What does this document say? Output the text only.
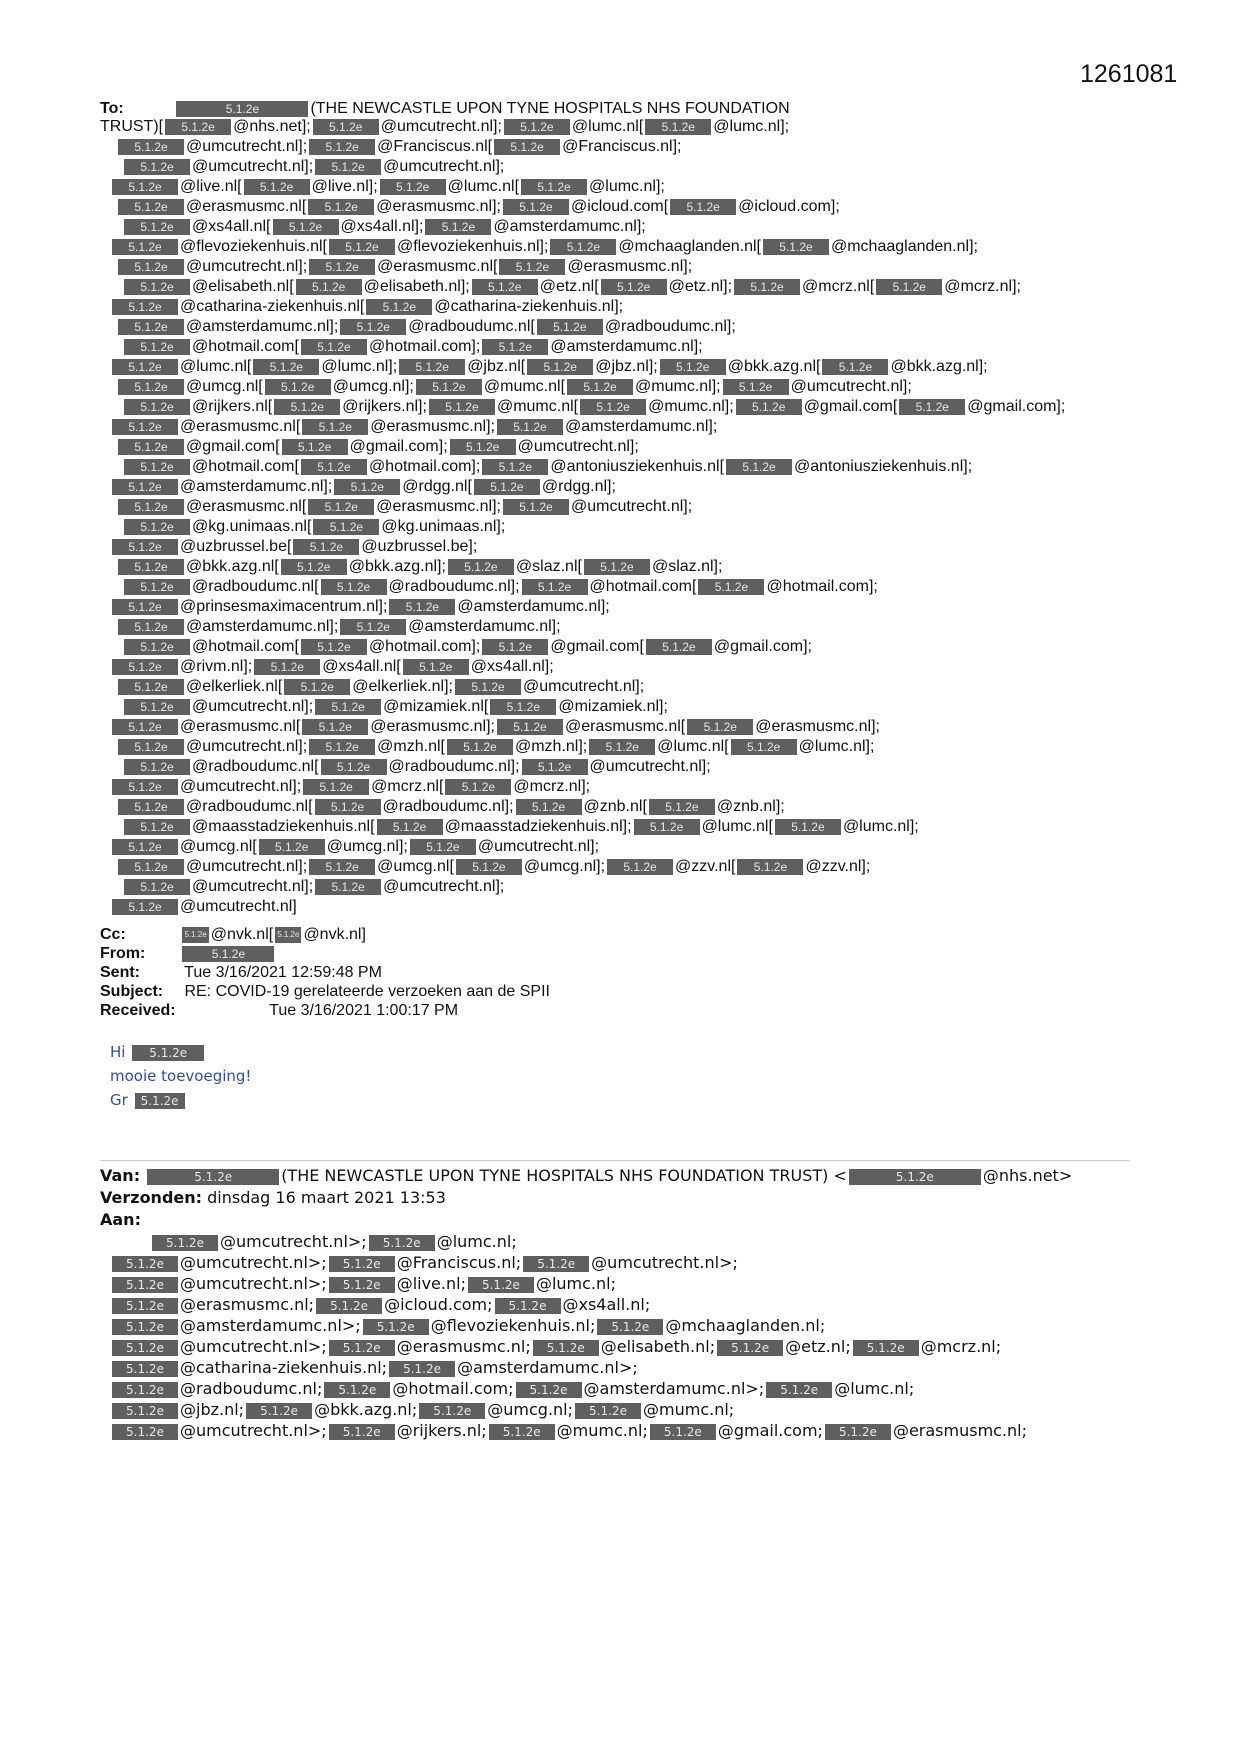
1261081
To:	5.1.2e	(THE NEWCASTLE UPON TYNE HOSPITALS NHS FOUNDATION
TRUST)[ 5.1.2e @nhs.net]; 5.1.2e @umcutrecht.nl]; 5.1.2e @lumc.nl[ 5.1.2e @lumc.nl];
5.1.2e @umcutrecht.nl]; 5.1.2e @Franciscus.nl[ 5.1.2e @Franciscus.nl];
5.1.2e @umcutrecht.nl]; 5.1.2e @umcutrecht.nl];
5.1.2e @live.nl[ 5.1.2e @live.nl]; 5.1.2e @lumc.nl[ 5.1.2e @lumc.nl];
5.1.2e @erasmusmc.nl[ 5.1.2e @erasmusmc.nl]; 5.1.2e @icloud.com[ 5.1.2e @icloud.com];
5.1.2e @xs4all.nl[ 5.1.2e @xs4all.nl]; 5.1.2e @amsterdamumc.nl];
5.1.2e @flevoziekenhuis.nl[ 5.1.2e @flevoziekenhuis.nl]; 5.1.2e @mchaaglanden.nl[ 5.1.2e @mchaaglanden.nl];
5.1.2e @umcutrecht.nl]; 5.1.2e @erasmusmc.nl[ 5.1.2e @erasmusmc.nl];
5.1.2e @elisabeth.nl[ 5.1.2e @elisabeth.nl]; 5.1.2e @etz.nl[ 5.1.2e @etz.nl]; 5.1.2e @mcrz.nl[ 5.1.2e @mcrz.nl];
5.1.2e @catharina-ziekenhuis.nl[ 5.1.2e @catharina-ziekenhuis.nl];
5.1.2e @amsterdamumc.nl]; 5.1.2e @radboudumc.nl[ 5.1.2e @radboudumc.nl];
5.1.2e @hotmail.com[ 5.1.2e @hotmail.com]; 5.1.2e @amsterdamumc.nl];
5.1.2e @lumc.nl[ 5.1.2e @lumc.nl]; 5.1.2e @jbz.nl[ 5.1.2e @jbz.nl]; 5.1.2e @bkk.azg.nl[ 5.1.2e @bkk.azg.nl];
5.1.2e @umcg.nl[ 5.1.2e @umcg.nl]; 5.1.2e @mumc.nl[ 5.1.2e @mumc.nl]; 5.1.2e @umcutrecht.nl];
5.1.2e @rijkers.nl[ 5.1.2e @rijkers.nl]; 5.1.2e @mumc.nl[ 5.1.2e @mumc.nl]; 5.1.2e @gmail.com[ 5.1.2e @gmail.com];
5.1.2e @erasmusmc.nl[ 5.1.2e @erasmusmc.nl]; 5.1.2e @amsterdamumc.nl];
5.1.2e @gmail.com[ 5.1.2e @gmail.com]; 5.1.2e @umcutrecht.nl];
5.1.2e @hotmail.com[ 5.1.2e @hotmail.com]; 5.1.2e @antoniusziekenhuis.nl[ 5.1.2e @antoniusziekenhuis.nl];
5.1.2e @amsterdamumc.nl]; 5.1.2e @rdgg.nl[ 5.1.2e @rdgg.nl];
5.1.2e @erasmusmc.nl[ 5.1.2e @erasmusmc.nl]; 5.1.2e @umcutrecht.nl];
5.1.2e @kg.unimaas.nl[ 5.1.2e @kg.unimaas.nl];
5.1.2e @uzbrussel.be[ 5.1.2e @uzbrussel.be];
5.1.2e @bkk.azg.nl[ 5.1.2e @bkk.azg.nl]; 5.1.2e @slaz.nl[ 5.1.2e @slaz.nl];
5.1.2e @radboudumc.nl[ 5.1.2e @radboudumc.nl]; 5.1.2e @hotmail.com[ 5.1.2e @hotmail.com];
5.1.2e @prinsesmaximacentrum.nl]; 5.1.2e @amsterdamumc.nl];
5.1.2e @amsterdamumc.nl]; 5.1.2e @amsterdamumc.nl];
5.1.2e @hotmail.com[ 5.1.2e @hotmail.com]; 5.1.2e @gmail.com[ 5.1.2e @gmail.com];
5.1.2e @rivm.nl]; 5.1.2e @xs4all.nl[ 5.1.2e @xs4all.nl];
5.1.2e @elkerliek.nl[ 5.1.2e @elkerliek.nl]; 5.1.2e @umcutrecht.nl];
5.1.2e @umcutrecht.nl]; 5.1.2e @mizamiek.nl[ 5.1.2e @mizamiek.nl];
5.1.2e @erasmusmc.nl[ 5.1.2e @erasmusmc.nl]; 5.1.2e @erasmusmc.nl[ 5.1.2e @erasmusmc.nl];
5.1.2e @umcutrecht.nl]; 5.1.2e @mzh.nl[ 5.1.2e @mzh.nl]; 5.1.2e @lumc.nl[ 5.1.2e @lumc.nl];
5.1.2e @radboudumc.nl[ 5.1.2e @radboudumc.nl]; 5.1.2e @umcutrecht.nl];
5.1.2e @umcutrecht.nl]; 5.1.2e @mcrz.nl[ 5.1.2e @mcrz.nl];
5.1.2e @radboudumc.nl[ 5.1.2e @radboudumc.nl]; 5.1.2e @znb.nl[ 5.1.2e @znb.nl];
5.1.2e @maasstadziekenhuis.nl[ 5.1.2e @maasstadziekenhuis.nl]; 5.1.2e @lumc.nl[ 5.1.2e @lumc.nl];
5.1.2e @umcg.nl[ 5.1.2e @umcg.nl]; 5.1.2e @umcutrecht.nl];
5.1.2e @umcutrecht.nl]; 5.1.2e @umcg.nl[ 5.1.2e @umcg.nl]; 5.1.2e @zzv.nl[ 5.1.2e @zzv.nl];
5.1.2e @umcutrecht.nl]; 5.1.2e @umcutrecht.nl];
5.1.2e @umcutrecht.nl]
Cc:	5.1.2e @nvk.nl[ 5.1.2e @nvk.nl]
From:	5.1.2e
Sent:	Tue 3/16/2021 12:59:48 PM
Subject: RE: COVID-19 gerelateerde verzoeken aan de SPII
Received:	Tue 3/16/2021 1:00:17 PM
Hi 5.1.2e
mooie toevoeging!
Gr 5.1.2e
Van:	5.1.2e	(THE NEWCASTLE UPON TYNE HOSPITALS NHS FOUNDATION TRUST) <	5.1.2e	@nhs.net>
Verzonden: dinsdag 16 maart 2021 13:53
Aan:
5.1.2e @umcutrecht.nl>; 5.1.2e @lumc.nl;
5.1.2e @umcutrecht.nl>; 5.1.2e @Franciscus.nl; 5.1.2e @umcutrecht.nl>;
5.1.2e @umcutrecht.nl>; 5.1.2e @live.nl; 5.1.2e @lumc.nl;
5.1.2e @erasmusmc.nl; 5.1.2e @icloud.com; 5.1.2e @xs4all.nl;
5.1.2e @amsterdamumc.nl>; 5.1.2e @flevoziekenhuis.nl; 5.1.2e @mchaaglanden.nl;
5.1.2e @umcutrecht.nl>; 5.1.2e @erasmusmc.nl; 5.1.2e @elisabeth.nl; 5.1.2e @etz.nl; 5.1.2e @mcrz.nl;
5.1.2e @catharina-ziekenhuis.nl; 5.1.2e @amsterdamumc.nl>;
5.1.2e @radboudumc.nl; 5.1.2e @hotmail.com; 5.1.2e @amsterdamumc.nl>; 5.1.2e @lumc.nl;
5.1.2e @jbz.nl; 5.1.2e @bkk.azg.nl; 5.1.2e @umcg.nl; 5.1.2e @mumc.nl;
5.1.2e @umcutrecht.nl>; 5.1.2e @rijkers.nl; 5.1.2e @mumc.nl; 5.1.2e @gmail.com; 5.1.2e @erasmusmc.nl;
